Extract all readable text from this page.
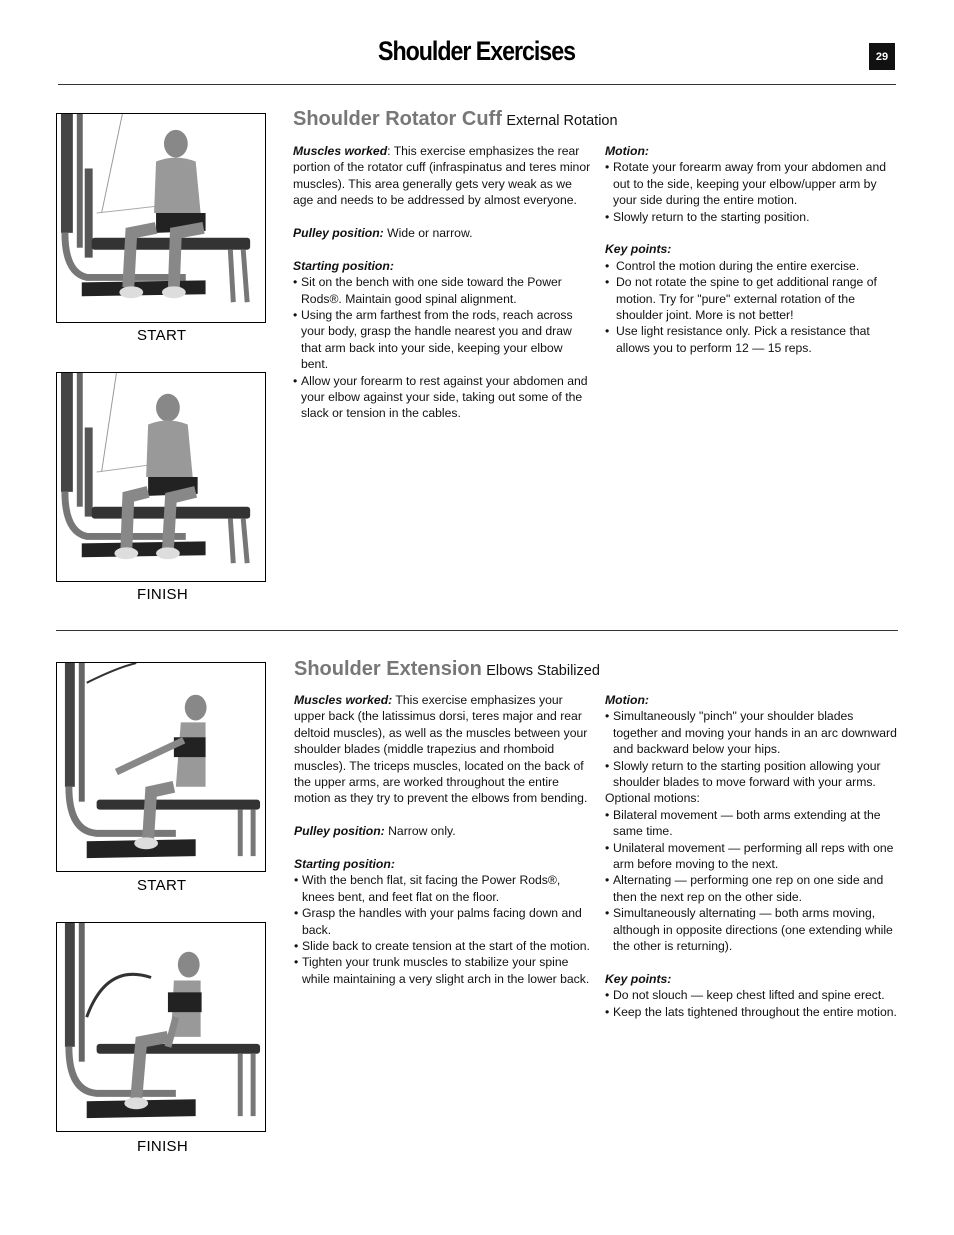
Shoulder Exercises	29
START
FINISH
Shoulder Rotator Cuff External Rotation

Muscles worked: This exercise emphasizes the rear portion of the rotator cuff (infraspinatus and teres minor muscles). This area generally gets very weak as we age and needs to be addressed by almost everyone.

Pulley position: Wide or narrow.

Starting position:

• Sit on the bench with one side toward the Power Rods®. Maintain good spinal alignment.
• Using the arm farthest from the rods, reach across your body, grasp the handle nearest you and draw that arm back into your side, keeping your elbow bent.
• Allow your forearm to rest against your abdomen and your elbow against your side, taking out some of the slack or tension in the cables.

Motion:

• Rotate your forearm away from your abdomen and out to the side, keeping your elbow/upper arm by your side during the entire motion.
• Slowly return to the starting position.

Key points:

• Control the motion during the entire exercise.
• Do not rotate the spine to get additional range of motion. Try for "pure" external rotation of the shoulder joint. More is not better!
• Use light resistance only. Pick a resistance that allows you to perform 12 — 15 reps.
START
FINISH
Shoulder Extension Elbows Stabilized

Muscles worked: This exercise emphasizes your upper back (the latissimus dorsi, teres major and rear deltoid muscles), as well as the muscles between your shoulder blades (middle trapezius and rhomboid muscles). The triceps muscles, located on the back of the upper arms, are worked throughout the entire motion as they try to prevent the elbows from bending.

Pulley position: Narrow only.

Starting position:

• With the bench flat, sit facing the Power Rods®, knees bent, and feet flat on the floor.
• Grasp the handles with your palms facing down and back.
• Slide back to create tension at the start of the motion.
• Tighten your trunk muscles to stabilize your spine while maintaining a very slight arch in the lower back.

Motion:

• Simultaneously "pinch" your shoulder blades together and moving your hands in an arc downward and backward below your hips.
• Slowly return to the starting position allowing your shoulder blades to move forward with your arms.

Optional motions:

• Bilateral movement — both arms extending at the same time.
• Unilateral movement — performing all reps with one arm before moving to the next.
• Alternating — performing one rep on one side and then the next rep on the other side.
• Simultaneously alternating — both arms moving, although in opposite directions (one extending while the other is returning).

Key points:

• Do not slouch — keep chest lifted and spine erect.
• Keep the lats tightened throughout the entire motion.
